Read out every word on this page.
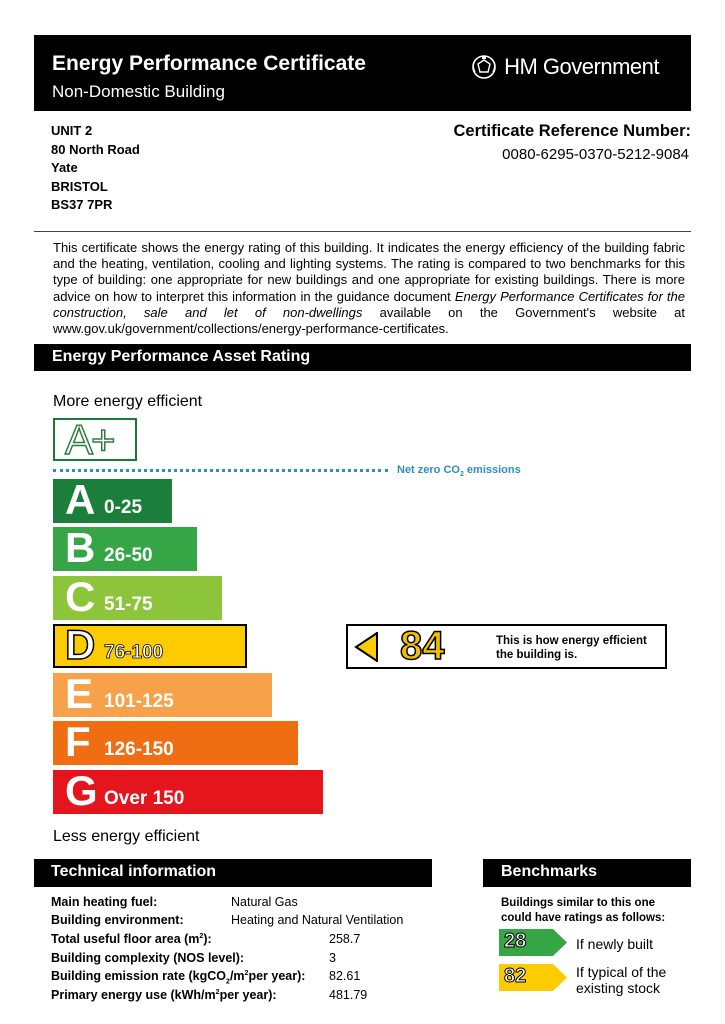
Energy Performance Certificate
Non-Domestic Building
HM Government
UNIT 2
80 North Road
Yate
BRISTOL
BS37 7PR
Certificate Reference Number:
0080-6295-0370-5212-9084
This certificate shows the energy rating of this building. It indicates the energy efficiency of the building fabric and the heating, ventilation, cooling and lighting systems. The rating is compared to two benchmarks for this type of building: one appropriate for new buildings and one appropriate for existing buildings. There is more advice on how to interpret this information in the guidance document Energy Performance Certificates for the construction, sale and let of non-dwellings available on the Government's website at www.gov.uk/government/collections/energy-performance-certificates.
Energy Performance Asset Rating
More energy efficient
A+
Net zero $CO_2$ emissions
A 0-25
B 26-50
C 51-75
D 76-100
E 101-125
F 126-150
G Over 150
84	This is how energy efficient the building is.
Less energy efficient
Technical information
Main heating fuel:	Natural Gas
Building environment:	Heating and Natural Ventilation
Total useful floor area $(m^2)$:	258.7
Building complexity (NOS level):	3
Building emission rate ($kgCO_2/m^2per$ year): 82.61
Primary energy use ($kWh/m^2per$ year):	481.79
Benchmarks
Buildings similar to this one could have ratings as follows:
28	If newly built
82	If typical of the existing stock
